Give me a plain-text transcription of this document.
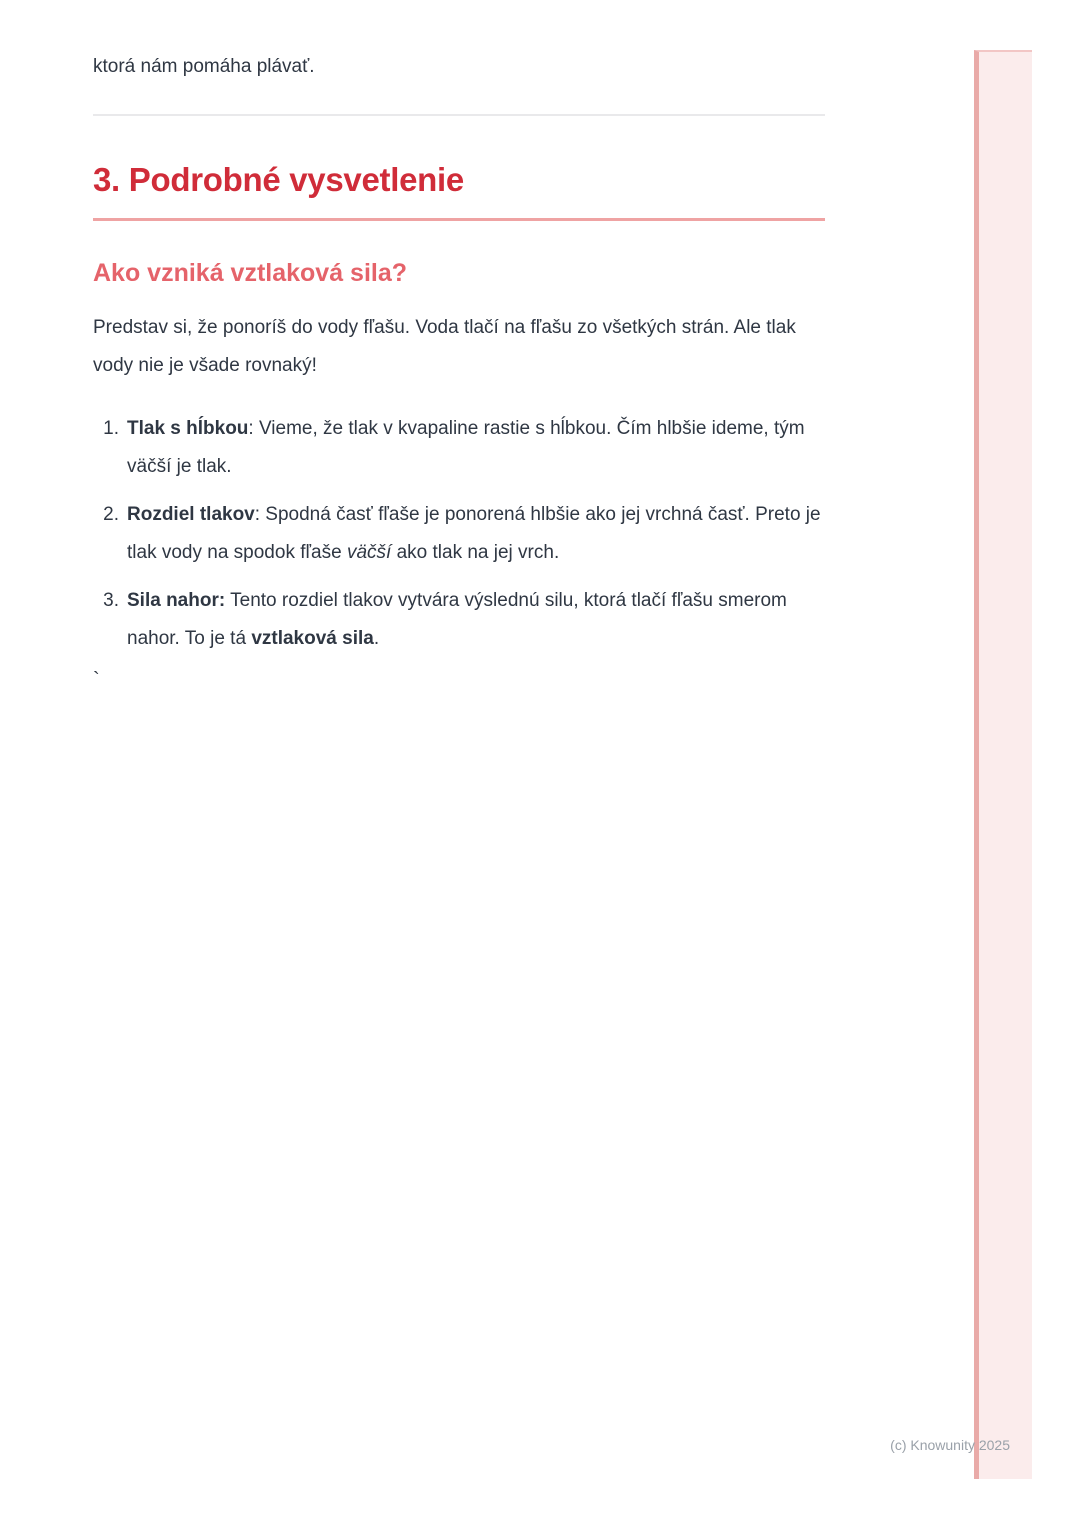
ktorá nám pomáha plávať.

3. Podrobné vysvetlenie
Ako vzniká vztlaková sila?

Predstav si, že ponoríš do vody fľašu. Voda tlačí na fľašu zo všetkých strán. Ale tlak vody nie je všade rovnaký!

1. Tlak s hĺbkou: Vieme, že tlak v kvapaline rastie s hĺbkou. Čím hlbšie ideme, tým väčší je tlak.
2. Rozdiel tlakov: Spodná časť fľaše je ponorená hlbšie ako jej vrchná časť. Preto je tlak vody na spodok fľaše väčší ako tlak na jej vrch.
3. Sila nahor: Tento rozdiel tlakov vytvára výslednú silu, ktorá tlačí fľašu smerom nahor. To je tá vztlaková sila.
`
(c) Knowunity 2025
